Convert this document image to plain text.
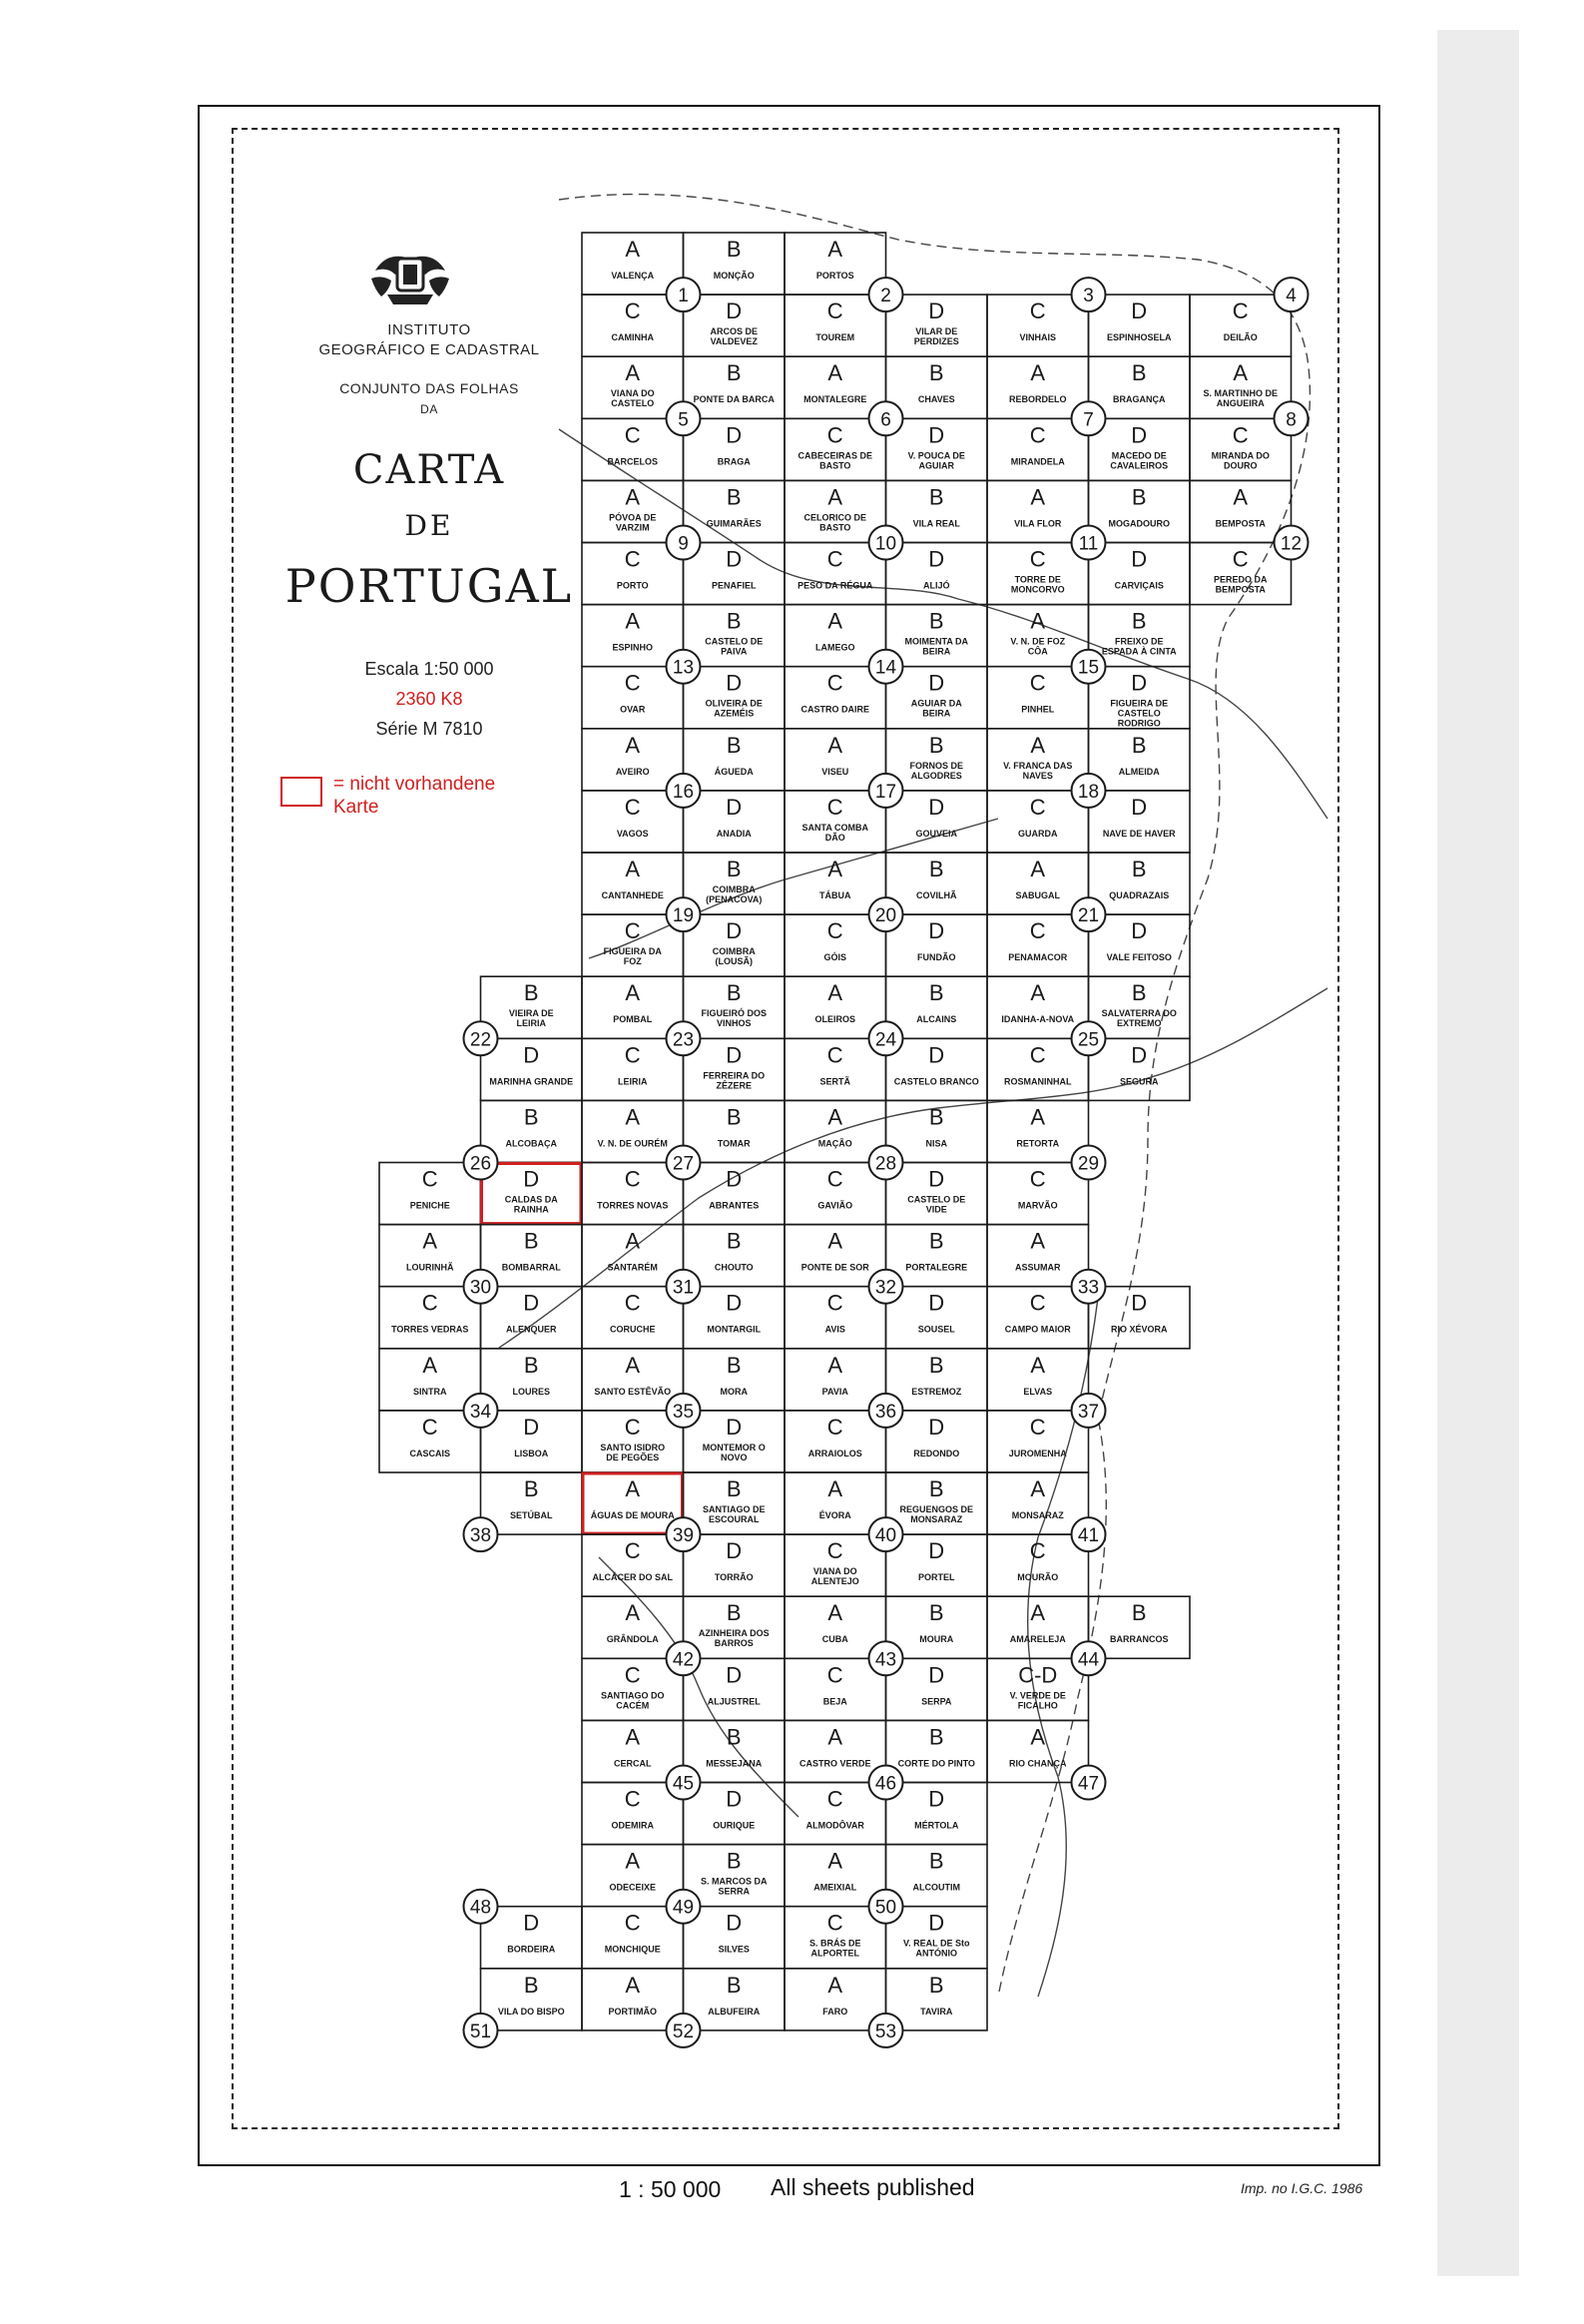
A
VALENÇA
B
MONÇÃO
A
PORTOS
C
CAMINHA
D
ARCOS DE VALDEVEZ
C
TOUREM
D
VILAR DE PERDIZES
C
VINHAIS
D
ESPINHOSELA
C
DEILÃO
A
VIANA DO CASTELO
B
PONTE DA BARCA
A
MONTALEGRE
B
CHAVES
A
REBORDELO
B
BRAGANÇA
A
S. MARTINHO DE ANGUEIRA
C
BARCELOS
D
BRAGA
C
CABECEIRAS DE BASTO
D
V. POUCA DE AGUIAR
C
MIRANDELA
D
MACEDO DE CAVALEIROS
C
MIRANDA DO DOURO
A
PÓVOA DE VARZIM
B
GUIMARÃES
A
CELORICO DE BASTO
B
VILA REAL
A
VILA FLOR
B
MOGADOURO
A
BEMPOSTA
C
PORTO
D
PENAFIEL
C
PESO DA RÉGUA
D
ALIJÓ
C
TORRE DE MONCORVO
D
CARVIÇAIS
C
PEREDO DA BEMPOSTA
A
ESPINHO
B
CASTELO DE PAIVA
A
LAMEGO
B
MOIMENTA DA BEIRA
A
V. N. DE FOZ CÔA
B
FREIXO DE ESPADA À CINTA
C
OVAR
D
OLIVEIRA DE AZEMÉIS
C
CASTRO DAIRE
D
AGUIAR DA BEIRA
C
PINHEL
D
FIGUEIRA DE CASTELO RODRIGO
A
AVEIRO
B
ÁGUEDA
A
VISEU
B
FORNOS DE ALGODRES
A
V. FRANCA DAS NAVES
B
ALMEIDA
C
VAGOS
D
ANADIA
C
SANTA COMBA DÃO
D
GOUVEIA
C
GUARDA
D
NAVE DE HAVER
A
CANTANHEDE
B
COIMBRA (PENACOVA)
A
TÁBUA
B
COVILHÃ
A
SABUGAL
B
QUADRAZAIS
C
FIGUEIRA DA FOZ
D
COIMBRA (LOUSÃ)
C
GÓIS
D
FUNDÃO
C
PENAMACOR
D
VALE FEITOSO
B
VIEIRA DE LEIRIA
A
POMBAL
B
FIGUEIRÓ DOS VINHOS
A
OLEIROS
B
ALCAINS
A
IDANHA-A-NOVA
B
SALVATERRA DO EXTREMO
D
MARINHA GRANDE
C
LEIRIA
D
FERREIRA DO ZÊZERE
C
SERTÃ
D
CASTELO BRANCO
C
ROSMANINHAL
D
SEGURA
B
ALCOBAÇA
A
V. N. DE OURÉM
B
TOMAR
A
MAÇÃO
B
NISA
A
RETORTA
C
PENICHE
D
CALDAS DA RAINHA
C
TORRES NOVAS
D
ABRANTES
C
GAVIÃO
D
CASTELO DE VIDE
C
MARVÃO
A
LOURINHÃ
B
BOMBARRAL
A
SANTARÉM
B
CHOUTO
A
PONTE DE SOR
B
PORTALEGRE
A
ASSUMAR
C
TORRES VEDRAS
D
ALENQUER
C
CORUCHE
D
MONTARGIL
C
AVIS
D
SOUSEL
C
CAMPO MAIOR
D
RIO XÉVORA
A
SINTRA
B
LOURES
A
SANTO ESTÊVÃO
B
MORA
A
PAVIA
B
ESTREMOZ
A
ELVAS
C
CASCAIS
D
LISBOA
C
SANTO ISIDRO DE PEGÕES
D
MONTEMOR O NOVO
C
ARRAIOLOS
D
REDONDO
C
JUROMENHA
B
SETÚBAL
A
ÁGUAS DE MOURA
B
SANTIAGO DE ESCOURAL
A
ÉVORA
B
REGUENGOS DE MONSARAZ
A
MONSARAZ
C
ALCÁCER DO SAL
D
TORRÃO
C
VIANA DO ALENTEJO
D
PORTEL
C
MOURÃO
A
GRÂNDOLA
B
AZINHEIRA DOS BARROS
A
CUBA
B
MOURA
A
AMARELEJA
B
BARRANCOS
C
SANTIAGO DO CACÉM
D
ALJUSTREL
C
BEJA
D
SERPA
C-D
V. VERDE DE FICALHO
A
CERCAL
B
MESSEJANA
A
CASTRO VERDE
B
CORTE DO PINTO
A
RIO CHANÇA
C
ODEMIRA
D
OURIQUE
C
ALMODÔVAR
D
MÉRTOLA
A
ODECEIXE
B
S. MARCOS DA SERRA
A
AMEIXIAL
B
ALCOUTIM
D
BORDEIRA
C
MONCHIQUE
D
SILVES
C
S. BRÁS DE ALPORTEL
D
V. REAL DE Sto ANTÓNIO
B
VILA DO BISPO
A
PORTIMÃO
B
ALBUFEIRA
A
FARO
B
TAVIRA
1	2	3	4
5	6	7	8
9	10	11	12
13	14	15
16	17	18
19	20	21
22	23	24	25
26	27	28	29
30	31	32	33
34	35	36	37
38	39	40	41
42	43	44
45	46	47
48	49	50
51	52	53
INSTITUTO
GEOGRÁFICO E CADASTRAL
CONJUNTO DAS FOLHAS
DA
CARTA
DE
PORTUGAL
Escala 1:50 000
2360 K8
Série M 7810
= nicht vorhandene
Karte
1 : 50 000 All sheets published	Imp. no I.G.C. 1986
